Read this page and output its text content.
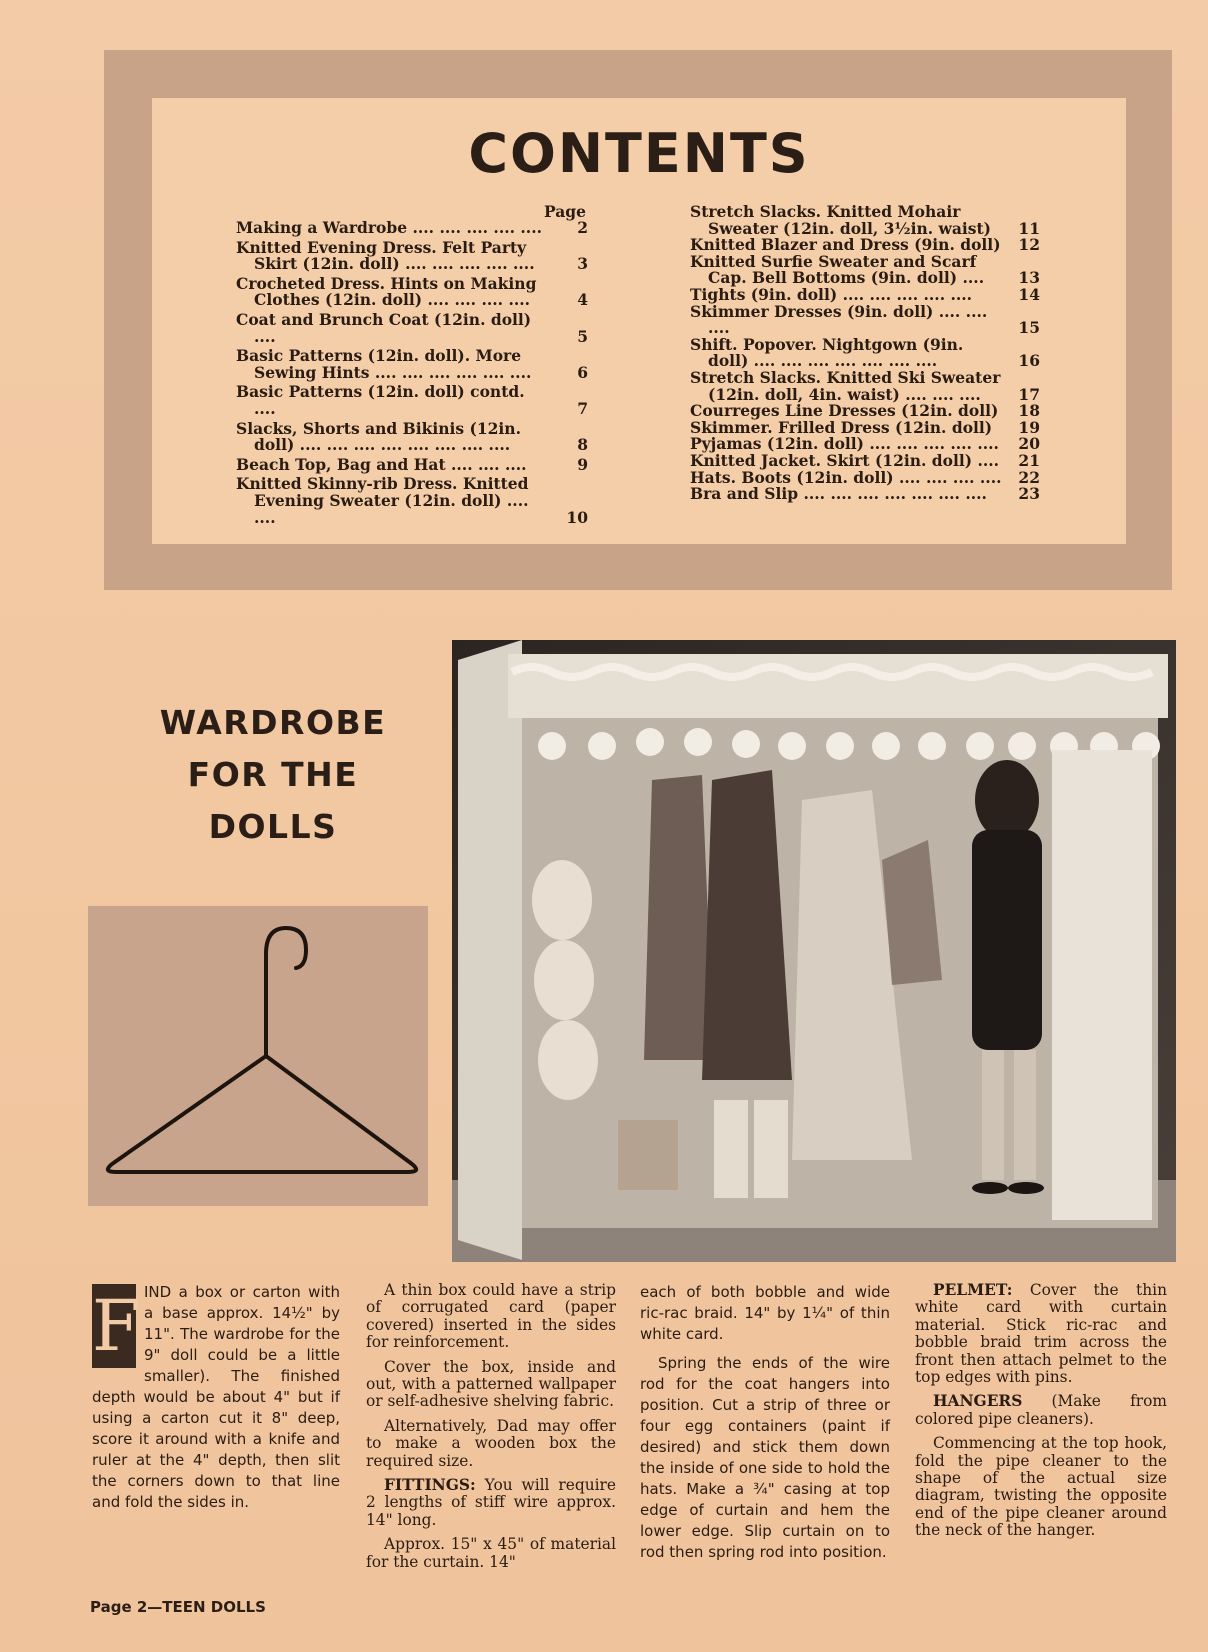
CONTENTS
Page
Making a Wardrobe .... .... .... .... ....	2
Knitted Evening Dress. Felt Party Skirt (12in. doll) .... .... .... .... ....	3
Crocheted Dress. Hints on Making Clothes (12in. doll) .... .... .... ....	4
Coat and Brunch Coat (12in. doll) ....	5
Basic Patterns (12in. doll). More Sewing Hints .... .... .... .... .... ....	6
Basic Patterns (12in. doll) contd. ....	7
Slacks, Shorts and Bikinis (12in. doll) .... .... .... .... .... .... .... ....	8
Beach Top, Bag and Hat .... .... ....	9
Knitted Skinny-rib Dress. Knitted Evening Sweater (12in. doll) .... ....	10
Stretch Slacks. Knitted Mohair Sweater (12in. doll, 3½in. waist)	11
Knitted Blazer and Dress (9in. doll)	12
Knitted Surfie Sweater and Scarf Cap. Bell Bottoms (9in. doll) ....	13
Tights (9in. doll) .... .... .... .... ....	14
Skimmer Dresses (9in. doll) .... .... ....	15
Shift. Popover. Nightgown (9in. doll) .... .... .... .... .... .... ....	16
Stretch Slacks. Knitted Ski Sweater (12in. doll, 4in. waist) .... .... ....	17
Courreges Line Dresses (12in. doll)	18
Skimmer. Frilled Dress (12in. doll)	19
Pyjamas (12in. doll) .... .... .... .... ....	20
Knitted Jacket. Skirt (12in. doll) ....	21
Hats. Boots (12in. doll) .... .... .... ....	22
Bra and Slip .... .... .... .... .... .... ....	23
WARDROBE
FOR THE
DOLLS
F IND a box or carton with a base approx. 14½" by 11". The wardrobe for the 9" doll could be a little smaller). The finished depth would be about 4" but if using a carton cut it 8" deep, score it around with a knife and ruler at the 4" depth, then slit the corners down to that line and fold the sides in.

A thin box could have a strip of corrugated card (paper covered) inserted in the sides for reinforcement.

Cover the box, inside and out, with a patterned wallpaper or self-adhesive shelving fabric.

Alternatively, Dad may offer to make a wooden box the required size.

FITTINGS: You will require 2 lengths of stiff wire approx. 14" long.

Approx. 15" x 45" of material for the curtain. 14"

each of both bobble and wide ric-rac braid. 14" by 1¼" of thin white card.

Spring the ends of the wire rod for the coat hangers into position. Cut a strip of three or four egg containers (paint if desired) and stick them down the inside of one side to hold the hats. Make a ¾" casing at top edge of curtain and hem the lower edge. Slip curtain on to rod then spring rod into position.

PELMET: Cover the thin white card with curtain material. Stick ric-rac and bobble braid trim across the front then attach pelmet to the top edges with pins.

HANGERS (Make from colored pipe cleaners).

Commencing at the top hook, fold the pipe cleaner to the shape of the actual size diagram, twisting the opposite end of the pipe cleaner around the neck of the hanger.

Page 2—TEEN DOLLS
